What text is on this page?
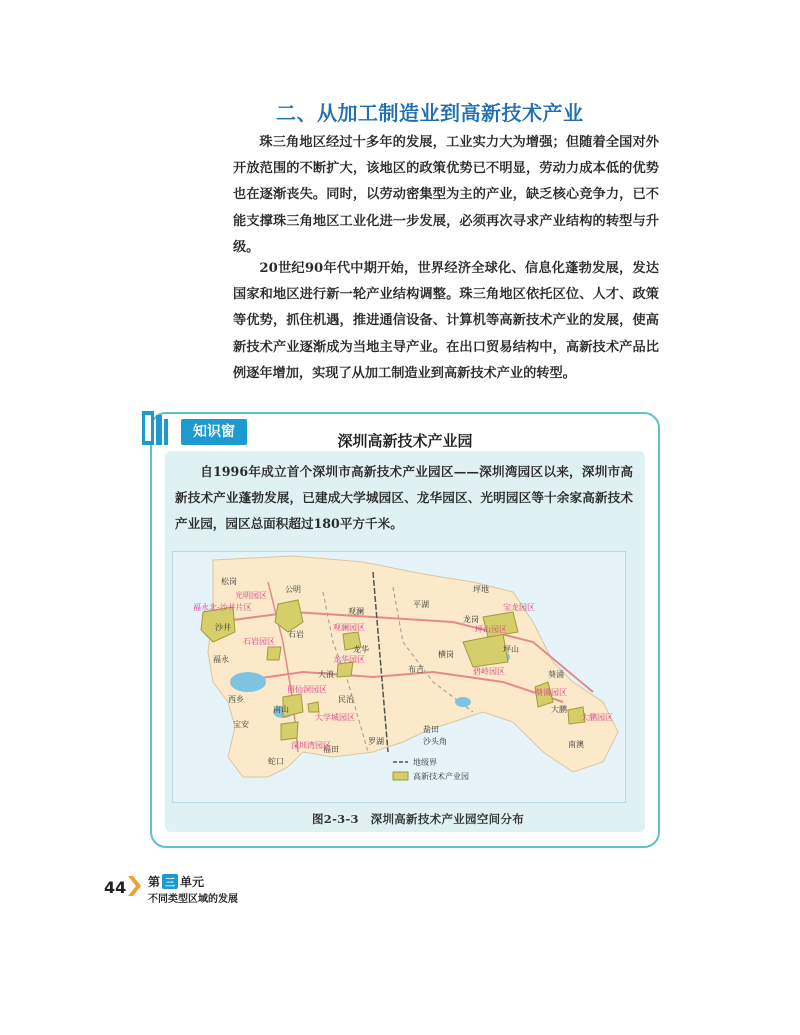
二、从加工制造业到高新技术产业
珠三角地区经过十多年的发展，工业实力大为增强；但随着全国对外开放范围的不断扩大，该地区的政策优势已不明显，劳动力成本低的优势也在逐渐丧失。同时，以劳动密集型为主的产业，缺乏核心竞争力，已不能支撑珠三角地区工业化进一步发展，必须再次寻求产业结构的转型与升级。
20世纪90年代中期开始，世界经济全球化、信息化蓬勃发展，发达国家和地区进行新一轮产业结构调整。珠三角地区依托区位、人才、政策等优势，抓住机遇，推进通信设备、计算机等高新技术产业的发展，使高新技术产业逐渐成为当地主导产业。在出口贸易结构中，高新技术产品比例逐年增加，实现了从加工制造业到高新技术产业的转型。
知识窗	深圳高新技术产业园
自1996年成立首个深圳市高新技术产业园区——深圳湾园区以来，深圳市高新技术产业蓬勃发展，已建成大学城园区、龙华园区、光明园区等十余家高新技术产业园，园区总面积超过180平方千米。
光明园区
观澜园区
石岩园区
龙华园区
坪山园区
宝龙园区
碧岭园区
留仙洞园区
大学城园区
深圳湾园区
葵涌园区
大鹏园区
福永北-沙井片区
松岗
公明
沙井
福永
石岩
龙华
观澜
平湖
坪地
坪山
龙岗
横岗
布吉
蛇口
南山
福田
罗湖
盐田
沙头角
葵涌
大鹏
南澳
西乡
宝安
大浪
民治
地级界
高新技术产业园
图2-3-3　深圳高新技术产业园空间分布
44 第 三 单元
不同类型区域的发展
